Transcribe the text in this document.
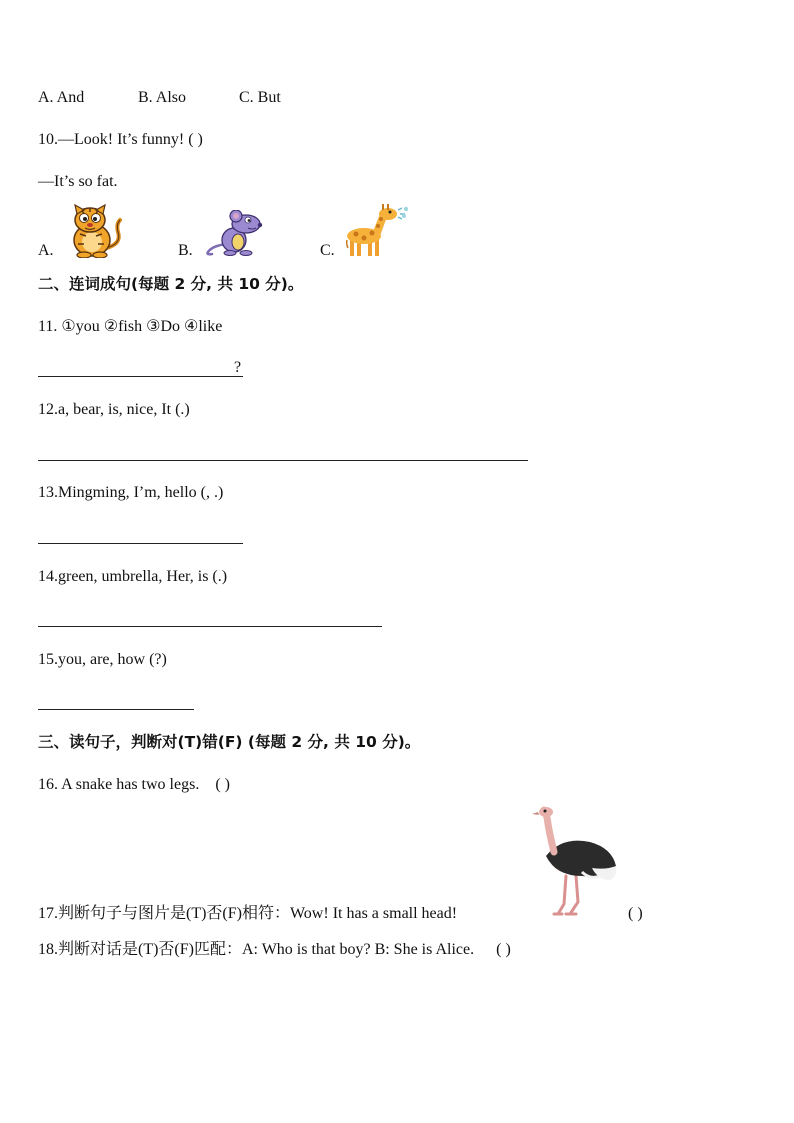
A. And	B. Also	C. But
10.—Look! It’s funny! ( )
—It’s so fat.
A.	B.	C.
二、连词成句(每题 2 分, 共 10 分)。
11. ①you ②fish ③Do ④like
?
12.a, bear, is, nice, It (.)
13.Mingming, I’m, hello (, .)
14.green, umbrella, Her, is (.)
15.you, are, how (?)
三、读句子，判断对(T)错(F) (每题 2 分, 共 10 分)。
16. A snake has two legs. ( )
17.判断句子与图片是(T)否(F)相符：Wow! It has a small head!	( )
18.判断对话是(T)否(F)匹配：A: Who is that boy? B: She is Alice. ( )
